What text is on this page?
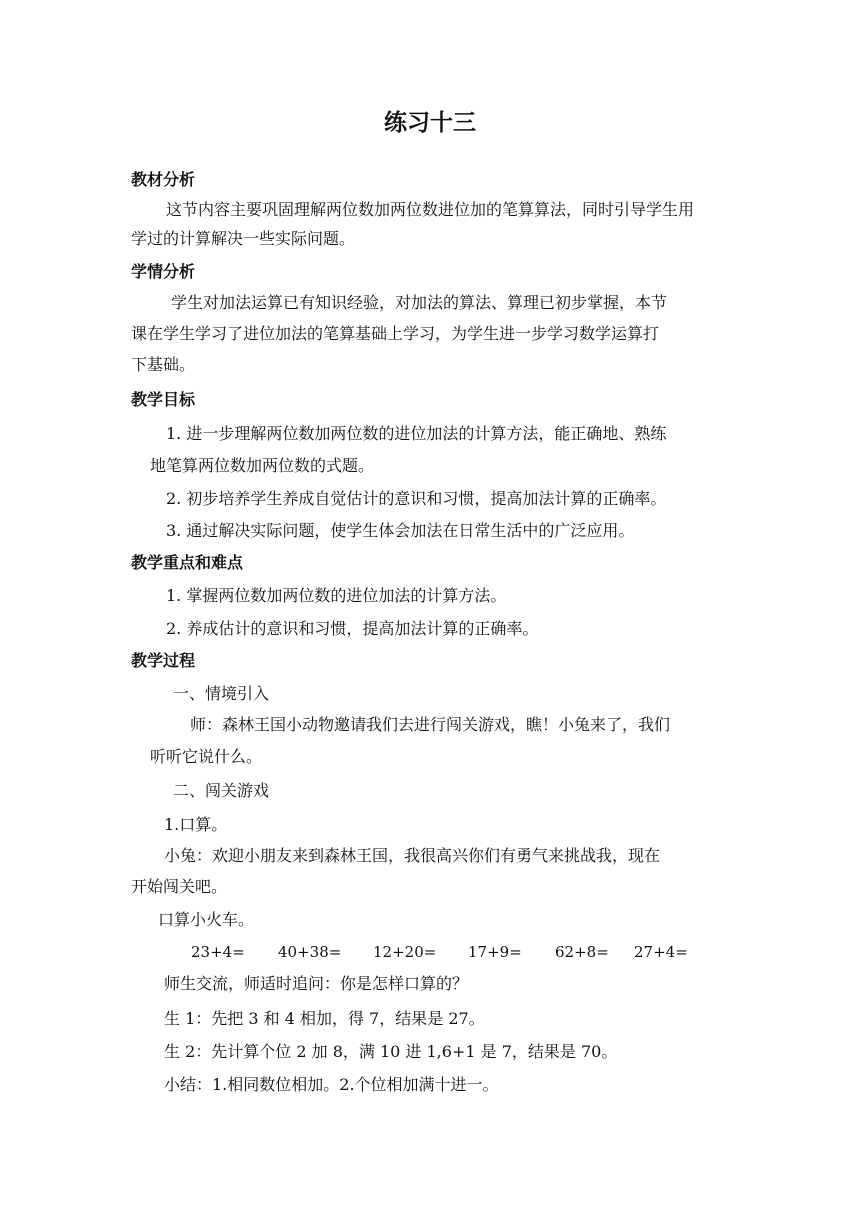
练习十三
教材分析
这节内容主要巩固理解两位数加两位数进位加的笔算算法，同时引导学生用
学过的计算解决一些实际问题。
学情分析
学生对加法运算已有知识经验，对加法的算法、算理已初步掌握，本节
课在学生学习了进位加法的笔算基础上学习，为学生进一步学习数学运算打
下基础。
教学目标
1. 进一步理解两位数加两位数的进位加法的计算方法，能正确地、熟练
地笔算两位数加两位数的式题。
2. 初步培养学生养成自觉估计的意识和习惯，提高加法计算的正确率。
3. 通过解决实际问题，使学生体会加法在日常生活中的广泛应用。
教学重点和难点
1. 掌握两位数加两位数的进位加法的计算方法。
2. 养成估计的意识和习惯，提高加法计算的正确率。
教学过程
一、情境引入
师：森林王国小动物邀请我们去进行闯关游戏，瞧！小兔来了，我们
听听它说什么。
二、闯关游戏
1.口算。
小兔：欢迎小朋友来到森林王国，我很高兴你们有勇气来挑战我，现在
开始闯关吧。
口算小火车。
23+4= 40+38= 12+20= 17+9= 62+8= 27+4=
师生交流，师适时追问：你是怎样口算的？
生 1：先把 3 和 4 相加，得 7，结果是 27。
生 2：先计算个位 2 加 8，满 10 进 1,6+1 是 7，结果是 70。
小结：1.相同数位相加。2.个位相加满十进一。
